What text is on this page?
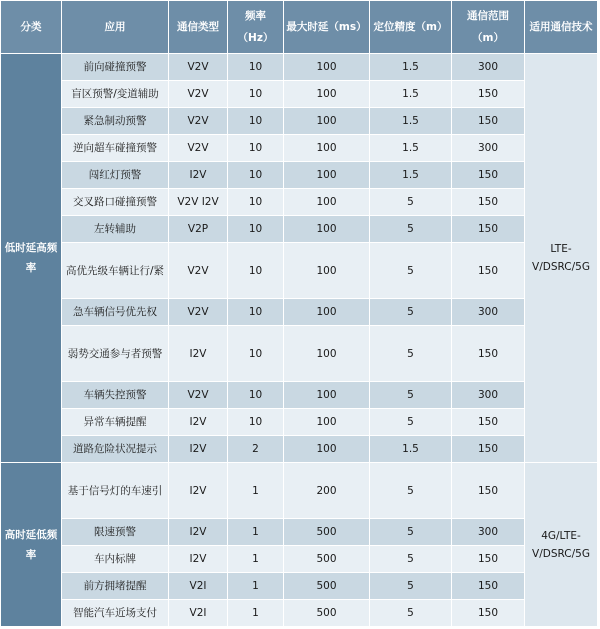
分类	应用	通信类型	频率（Hz）	最大时延（ms）	定位精度（m）	通信范围（m）	适用通信技术
低时延高频率	前向碰撞预警	V2V	10	100	1.5	300	LTE-V/DSRC/5G
	盲区预警/变道辅助	V2V	10	100	1.5	150	
	紧急制动预警	V2V	10	100	1.5	150	
	逆向超车碰撞预警	V2V	10	100	1.5	300	
	闯红灯预警	I2V	10	100	1.5	150	
	交叉路口碰撞预警	V2V I2V	10	100	5	150	
	左转辅助	V2P	10	100	5	150	
	高优先级车辆让行/紧	V2V	10	100	5	150	
	急车辆信号优先权	V2V	10	100	5	300	
	弱势交通参与者预警	I2V	10	100	5	150	
	车辆失控预警	V2V	10	100	5	300	
	异常车辆提醒	I2V	10	100	5	150	
	道路危险状况提示	I2V	2	100	1.5	150	
高时延低频率	基于信号灯的车速引	I2V	1	200	5	150	4G/LTE-V/DSRC/5G
	限速预警	I2V	1	500	5	300	
	车内标牌	I2V	1	500	5	150	
	前方拥堵提醒	V2I	1	500	5	150	
	智能汽车近场支付	V2I	1	500	5	150	
